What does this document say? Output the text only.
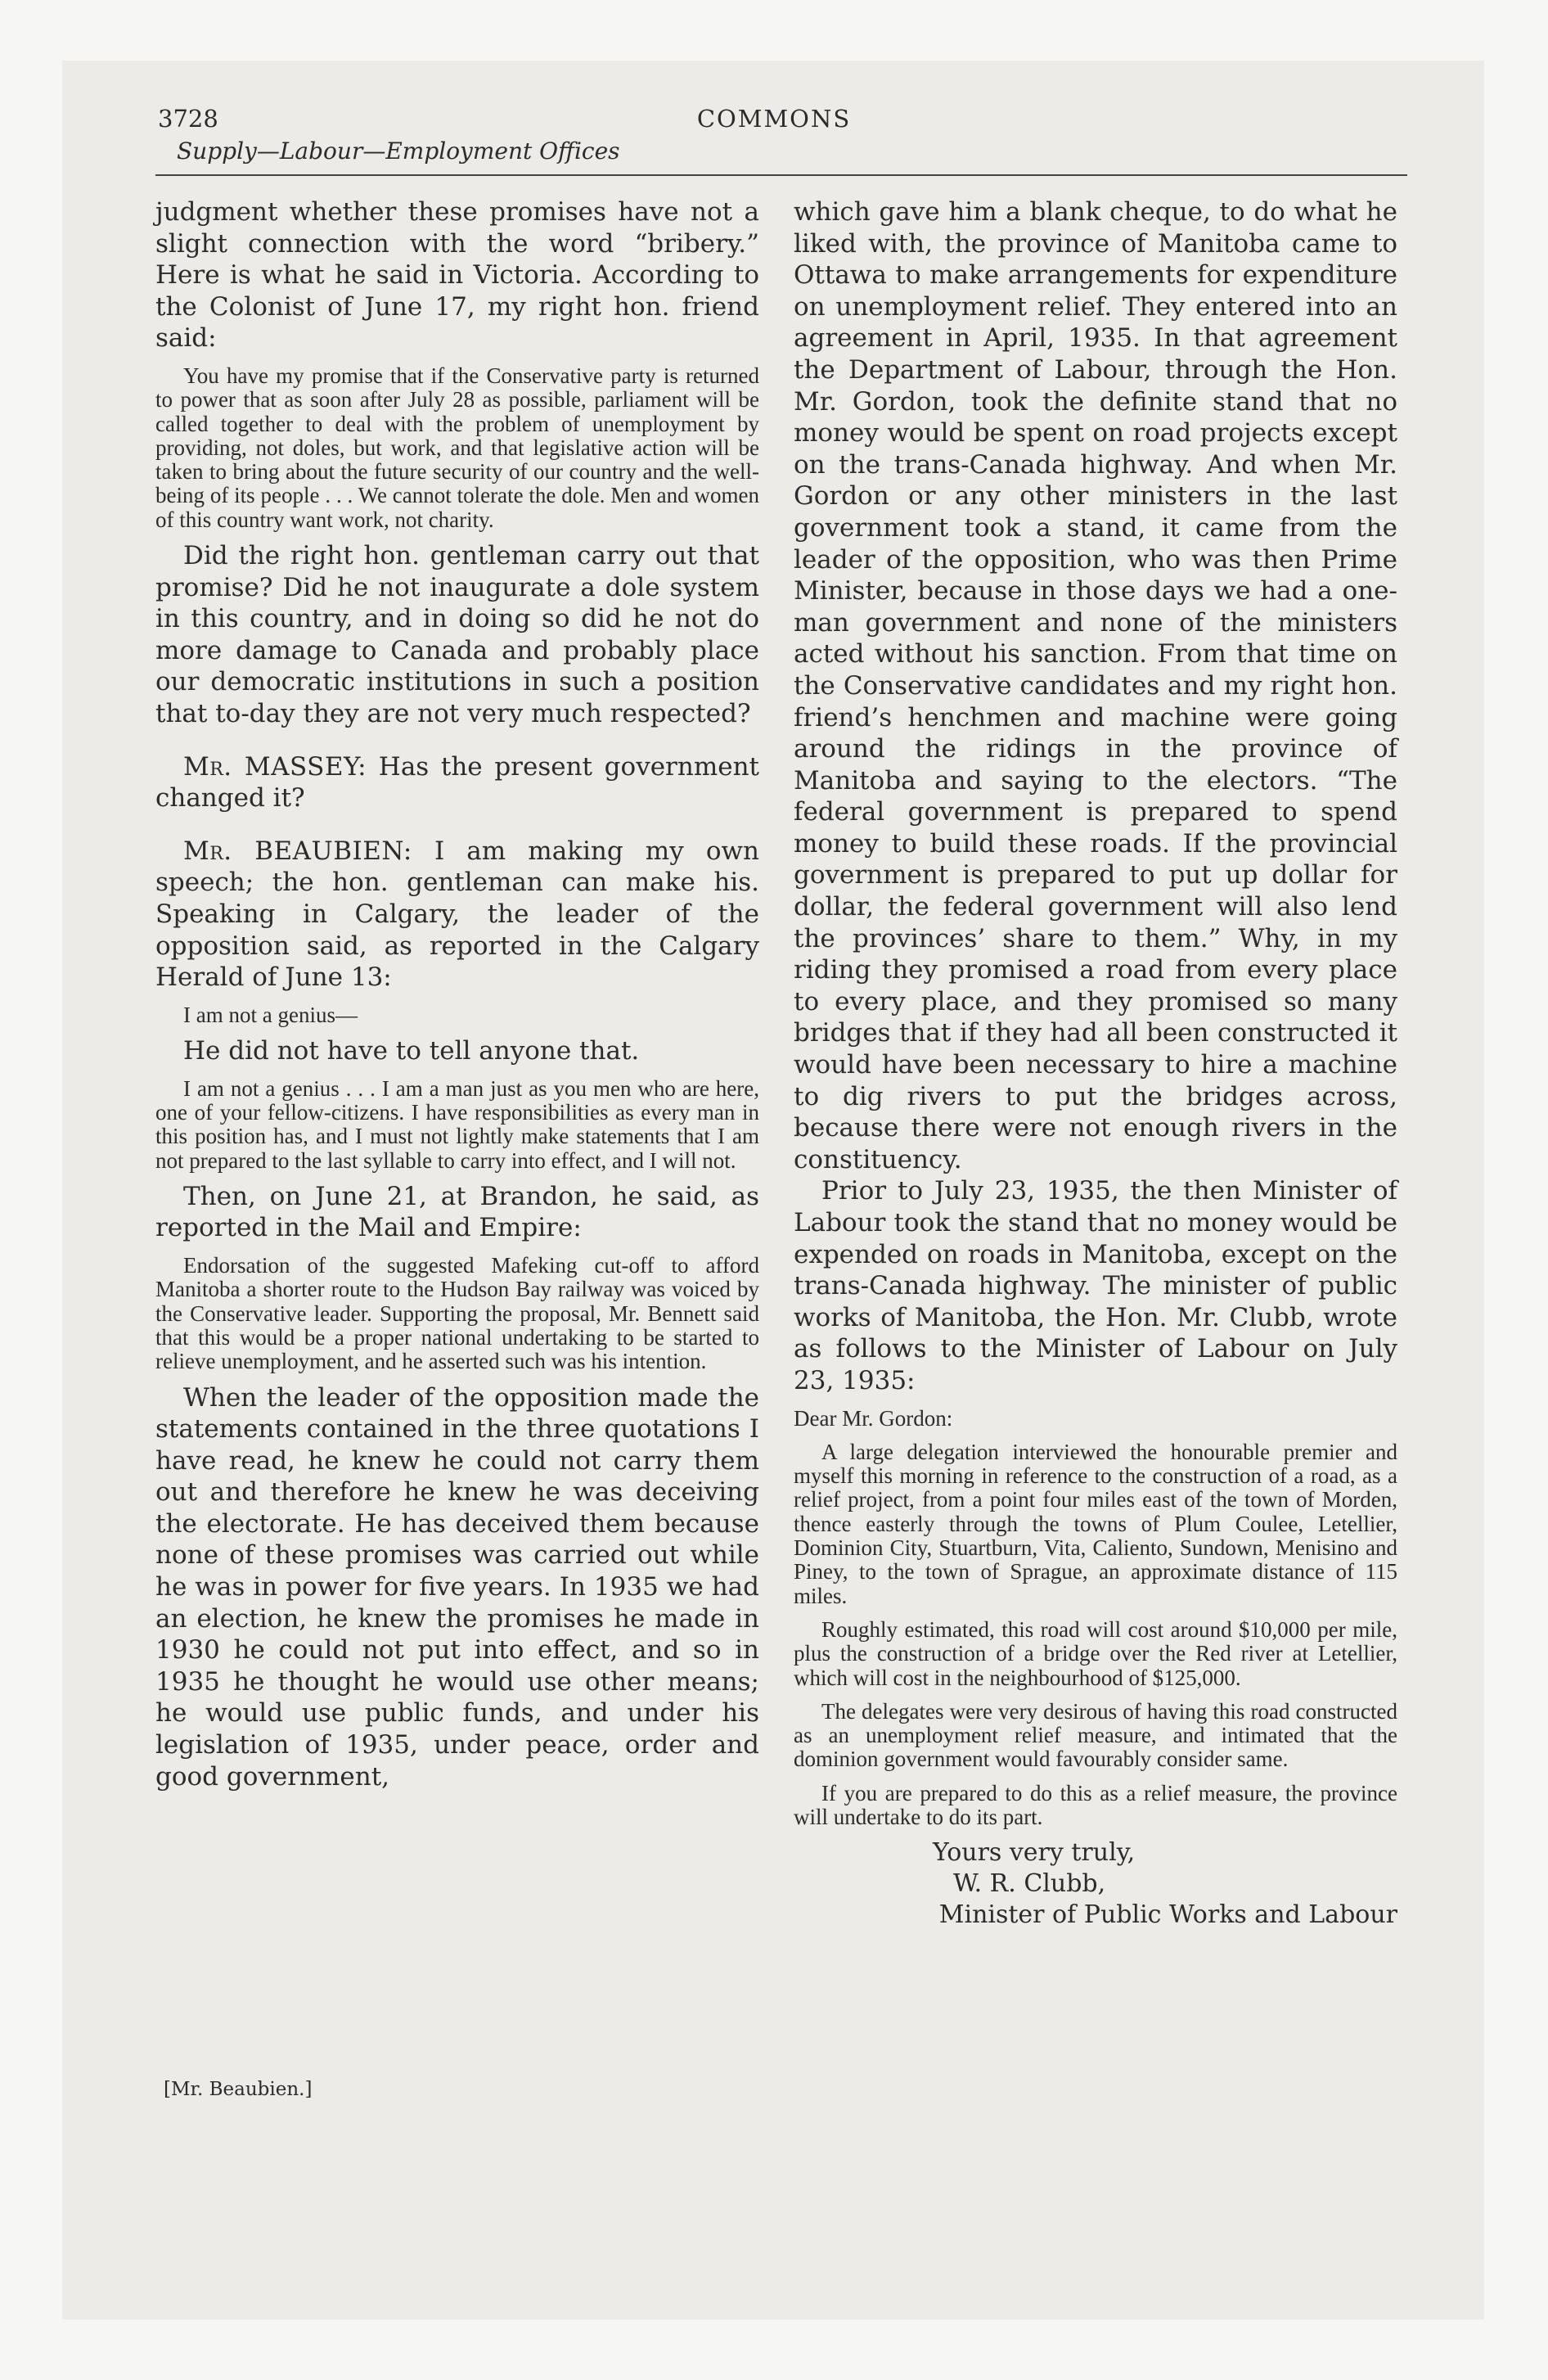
3728	COMMONS
Supply—Labour—Employment Offices

judgment whether these promises have not a slight connection with the word “bribery.” Here is what he said in Victoria. According to the Colonist of June 17, my right hon. friend said:

You have my promise that if the Conservative party is returned to power that as soon after July 28 as possible, parliament will be called together to deal with the problem of unemployment by providing, not doles, but work, and that legislative action will be taken to bring about the future security of our country and the well-being of its people . . . We cannot tolerate the dole. Men and women of this country want work, not charity.

Did the right hon. gentleman carry out that promise? Did he not inaugurate a dole system in this country, and in doing so did he not do more damage to Canada and probably place our democratic institutions in such a position that to-day they are not very much respected?

Mr. MASSEY: Has the present government changed it?

Mr. BEAUBIEN: I am making my own speech; the hon. gentleman can make his. Speaking in Calgary, the leader of the opposition said, as reported in the Calgary Herald of June 13:

I am not a genius—

He did not have to tell anyone that.

I am not a genius . . . I am a man just as you men who are here, one of your fellow-citizens. I have responsibilities as every man in this position has, and I must not lightly make statements that I am not prepared to the last syllable to carry into effect, and I will not.

Then, on June 21, at Brandon, he said, as reported in the Mail and Empire:

Endorsation of the suggested Mafeking cut-off to afford Manitoba a shorter route to the Hudson Bay railway was voiced by the Conservative leader. Supporting the proposal, Mr. Bennett said that this would be a proper national undertaking to be started to relieve unemployment, and he asserted such was his intention.

When the leader of the opposition made the statements contained in the three quotations I have read, he knew he could not carry them out and therefore he knew he was deceiving the electorate. He has deceived them because none of these promises was carried out while he was in power for five years. In 1935 we had an election, he knew the promises he made in 1930 he could not put into effect, and so in 1935 he thought he would use other means; he would use public funds, and under his legislation of 1935, under peace, order and good government,

which gave him a blank cheque, to do what he liked with, the province of Manitoba came to Ottawa to make arrangements for expenditure on unemployment relief. They entered into an agreement in April, 1935. In that agreement the Department of Labour, through the Hon. Mr. Gordon, took the definite stand that no money would be spent on road projects except on the trans-Canada highway. And when Mr. Gordon or any other ministers in the last government took a stand, it came from the leader of the opposition, who was then Prime Minister, because in those days we had a one-man government and none of the ministers acted without his sanction. From that time on the Conservative candidates and my right hon. friend’s henchmen and machine were going around the ridings in the province of Manitoba and saying to the electors. “The federal government is prepared to spend money to build these roads. If the provincial government is prepared to put up dollar for dollar, the federal government will also lend the provinces’ share to them.” Why, in my riding they promised a road from every place to every place, and they promised so many bridges that if they had all been constructed it would have been necessary to hire a machine to dig rivers to put the bridges across, because there were not enough rivers in the constituency.

Prior to July 23, 1935, the then Minister of Labour took the stand that no money would be expended on roads in Manitoba, except on the trans-Canada highway. The minister of public works of Manitoba, the Hon. Mr. Clubb, wrote as follows to the Minister of Labour on July 23, 1935:

Dear Mr. Gordon:

A large delegation interviewed the honourable premier and myself this morning in reference to the construction of a road, as a relief project, from a point four miles east of the town of Morden, thence easterly through the towns of Plum Coulee, Letellier, Dominion City, Stuartburn, Vita, Caliento, Sundown, Menisino and Piney, to the town of Sprague, an approximate distance of 115 miles.

Roughly estimated, this road will cost around $10,000 per mile, plus the construction of a bridge over the Red river at Letellier, which will cost in the neighbourhood of $125,000.

The delegates were very desirous of having this road constructed as an unemployment relief measure, and intimated that the dominion government would favourably consider same.

If you are prepared to do this as a relief measure, the province will undertake to do its part.

Yours very truly,

W. R. Clubb,

Minister of Public Works and Labour

[Mr. Beaubien.]
